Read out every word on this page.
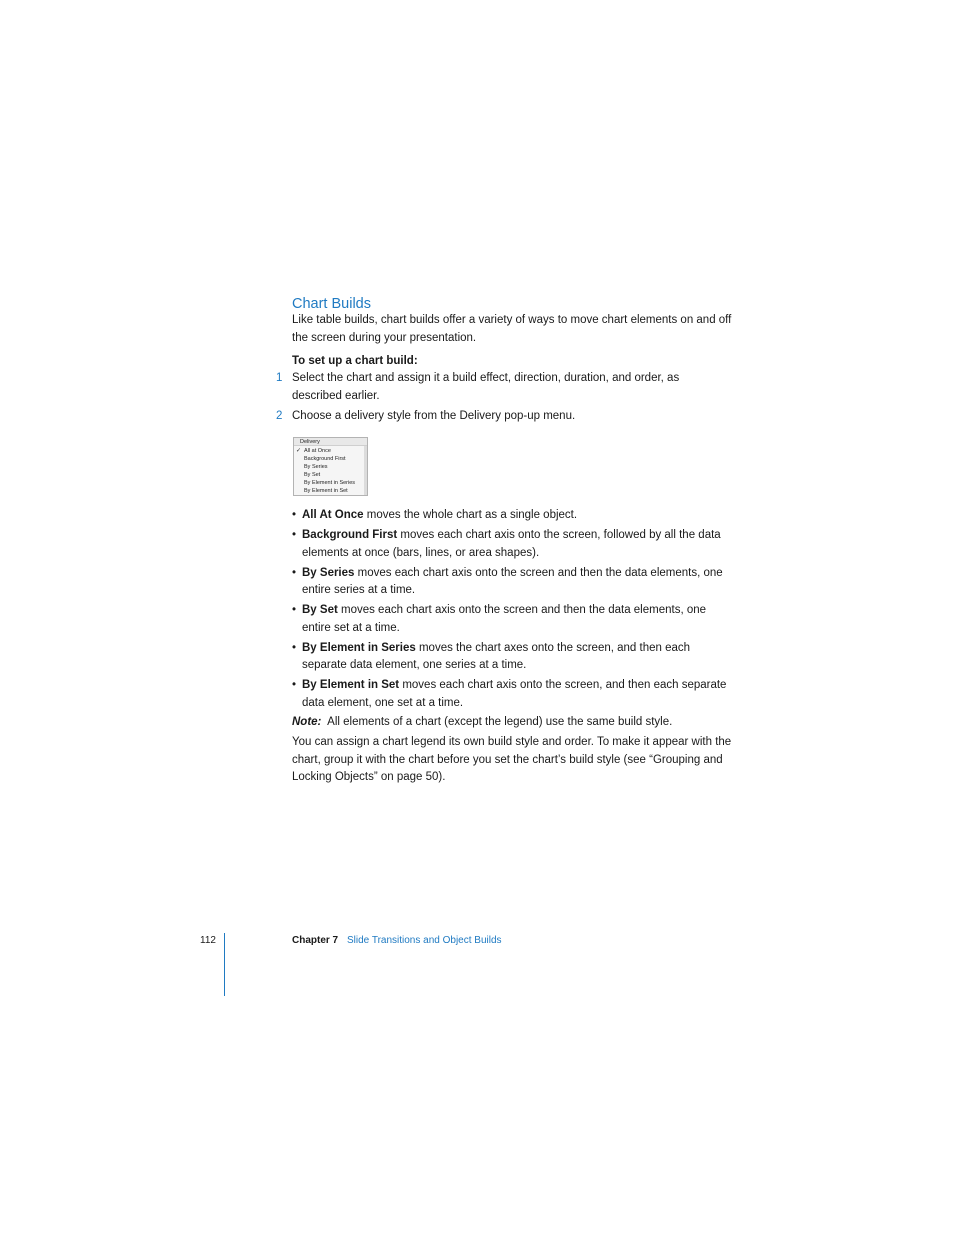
Chart Builds

Like table builds, chart builds offer a variety of ways to move chart elements on and off the screen during your presentation.

To set up a chart build:

1 Select the chart and assign it a build effect, direction, duration, and order, as described earlier.
2 Choose a delivery style from the Delivery pop-up menu.
Delivery
✓ All at Once
Background First
By Series
By Set
By Element in Series
By Element in Set
• All At Once moves the whole chart as a single object.
• Background First moves each chart axis onto the screen, followed by all the data elements at once (bars, lines, or area shapes).
• By Series moves each chart axis onto the screen and then the data elements, one entire series at a time.
• By Set moves each chart axis onto the screen and then the data elements, one entire set at a time.
• By Element in Series moves the chart axes onto the screen, and then each separate data element, one series at a time.
• By Element in Set moves each chart axis onto the screen, and then each separate data element, one set at a time.

Note:  All elements of a chart (except the legend) use the same build style.

You can assign a chart legend its own build style and order. To make it appear with the chart, group it with the chart before you set the chart’s build style (see “Grouping and Locking Objects” on page 50).

112	Chapter 7 Slide Transitions and Object Builds
